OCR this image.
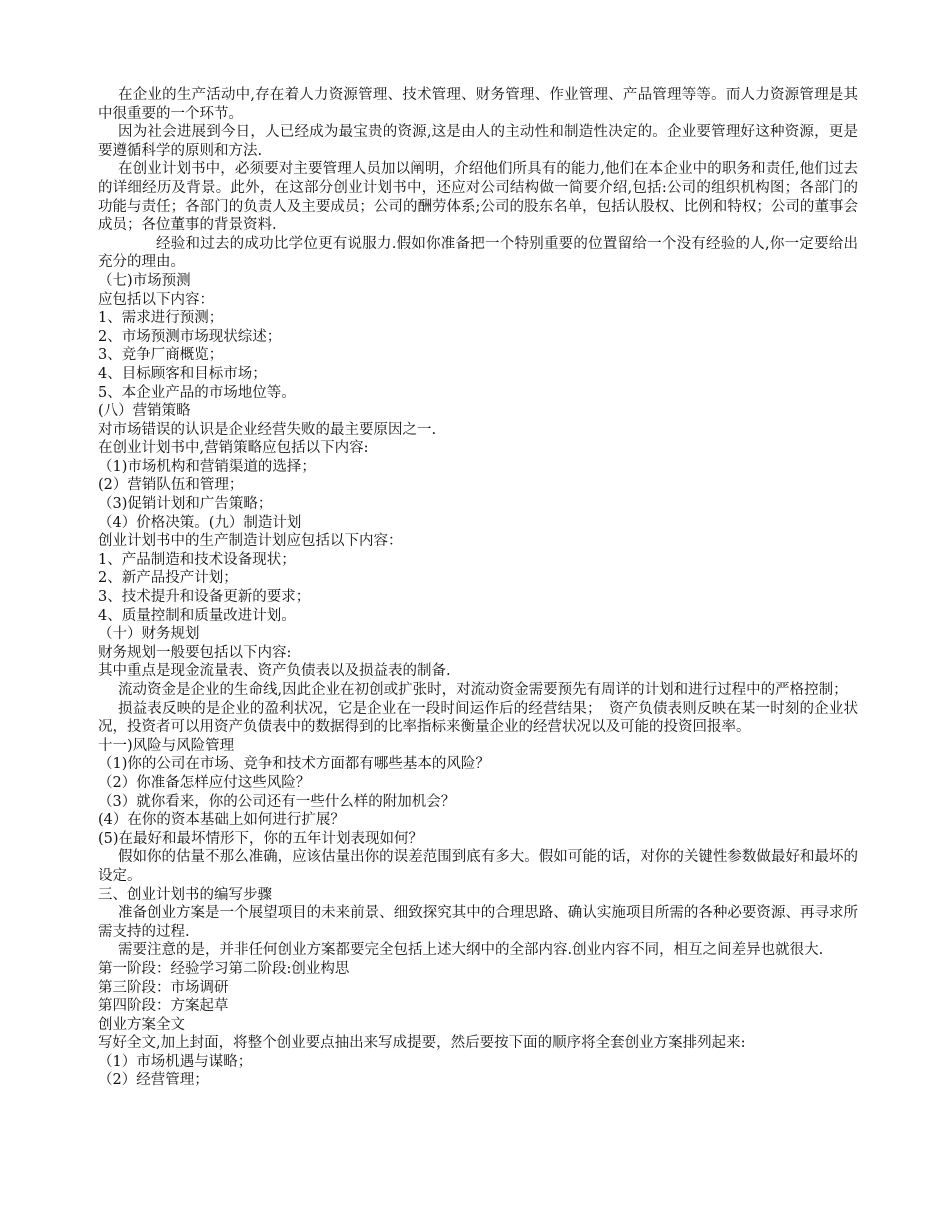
在企业的生产活动中,存在着人力资源管理、技术管理、财务管理、作业管理、产品管理等等。而人力资源管理是其中很重要的一个环节。

因为社会进展到今日，人已经成为最宝贵的资源,这是由人的主动性和制造性决定的。企业要管理好这种资源，更是要遵循科学的原则和方法.

在创业计划书中，必须要对主要管理人员加以阐明，介绍他们所具有的能力,他们在本企业中的职务和责任,他们过去的详细经历及背景。此外，在这部分创业计划书中，还应对公司结构做一简要介绍,包括:公司的组织机构图；各部门的功能与责任；各部门的负责人及主要成员；公司的酬劳体系;公司的股东名单，包括认股权、比例和特权；公司的董事会成员；各位董事的背景资料.

经验和过去的成功比学位更有说服力.假如你准备把一个特别重要的位置留给一个没有经验的人,你一定要给出充分的理由。

（七)市场预测

应包括以下内容：

1、需求进行预测；

2、市场预测市场现状综述；

3、竞争厂商概览；

4、目标顾客和目标市场；

5、本企业产品的市场地位等。

(八）营销策略

对市场错误的认识是企业经营失败的最主要原因之一.

在创业计划书中,营销策略应包括以下内容:

（1)市场机构和营销渠道的选择；

(2）营销队伍和管理；

（3)促销计划和广告策略；

（4）价格决策。(九）制造计划

创业计划书中的生产制造计划应包括以下内容：

1、产品制造和技术设备现状；

2、新产品投产计划；

3、技术提升和设备更新的要求；

4、质量控制和质量改进计划。

（十）财务规划

财务规划一般要包括以下内容:

其中重点是现金流量表、资产负债表以及损益表的制备.

流动资金是企业的生命线,因此企业在初创或扩张时，对流动资金需要预先有周详的计划和进行过程中的严格控制；

损益表反映的是企业的盈利状况，它是企业在一段时间运作后的经营结果；　资产负债表则反映在某一时刻的企业状况，投资者可以用资产负债表中的数据得到的比率指标来衡量企业的经营状况以及可能的投资回报率。

十一)风险与风险管理

（1)你的公司在市场、竞争和技术方面都有哪些基本的风险？

（2）你准备怎样应付这些风险？

（3）就你看来，你的公司还有一些什么样的附加机会？

(4）在你的资本基础上如何进行扩展？

(5)在最好和最坏情形下，你的五年计划表现如何？

假如你的估量不那么准确，应该估量出你的误差范围到底有多大。假如可能的话，对你的关键性参数做最好和最坏的设定。

三、创业计划书的编写步骤

准备创业方案是一个展望项目的未来前景、细致探究其中的合理思路、确认实施项目所需的各种必要资源、再寻求所需支持的过程.

需要注意的是，并非任何创业方案都要完全包括上述大纲中的全部内容.创业内容不同，相互之间差异也就很大.

第一阶段：经验学习第二阶段:创业构思

第三阶段：市场调研

第四阶段：方案起草

创业方案全文

写好全文,加上封面，将整个创业要点抽出来写成提要，然后要按下面的顺序将全套创业方案排列起来:

（1）市场机遇与谋略；

（2）经营管理；
